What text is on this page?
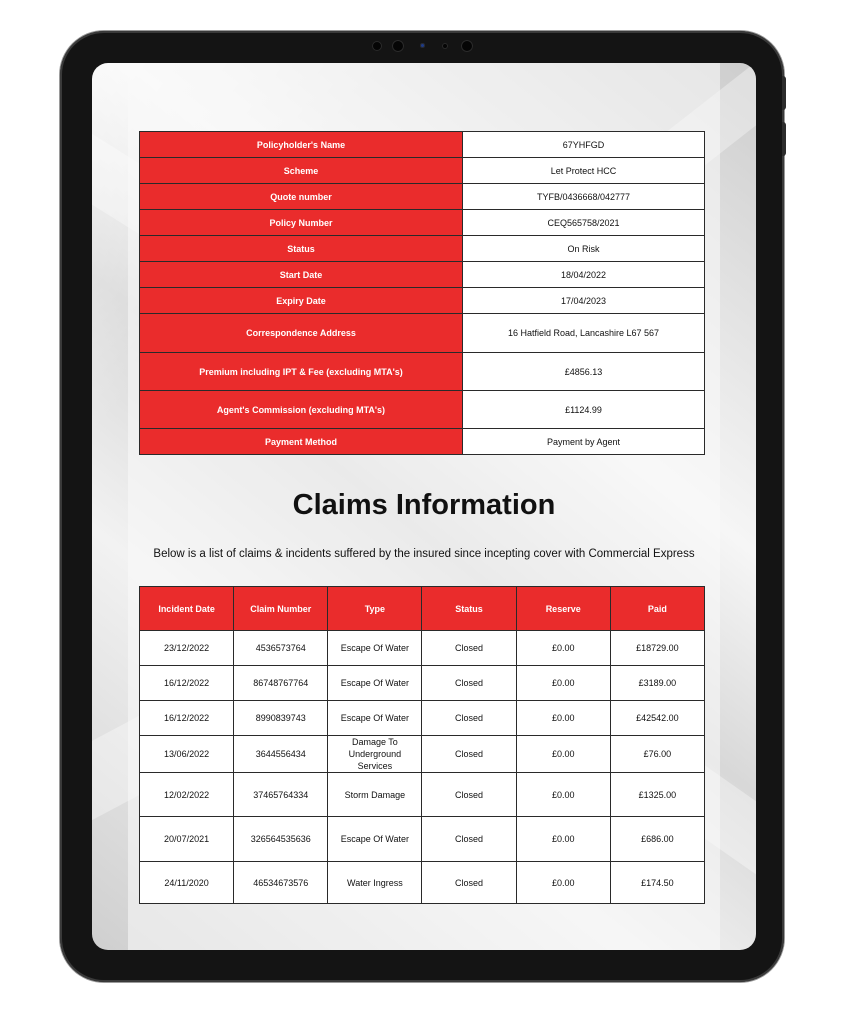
Policyholder's Name	67YHFGD
Scheme	Let Protect HCC
Quote number	TYFB/0436668/042777
Policy Number	CEQ565758/2021
Status	On Risk
Start Date	18/04/2022
Expiry Date	17/04/2023
Correspondence Address	16 Hatfield Road, Lancashire L67 567
Premium including IPT & Fee (excluding MTA's)	£4856.13
Agent's Commission (excluding MTA's)	£1124.99
Payment Method	Payment by Agent
Claims Information

Below is a list of claims & incidents suffered by the insured since incepting cover with Commercial Express

Incident Date	Claim Number	Type	Status	Reserve	Paid
23/12/2022	4536573764	Escape Of Water	Closed	£0.00	£18729.00
16/12/2022	86748767764	Escape Of Water	Closed	£0.00	£3189.00
16/12/2022	8990839743	Escape Of Water	Closed	£0.00	£42542.00
13/06/2022	3644556434	Damage To Underground Services	Closed	£0.00	£76.00
12/02/2022	37465764334	Storm Damage	Closed	£0.00	£1325.00
20/07/2021	326564535636	Escape Of Water	Closed	£0.00	£686.00
24/11/2020	46534673576	Water Ingress	Closed	£0.00	£174.50
